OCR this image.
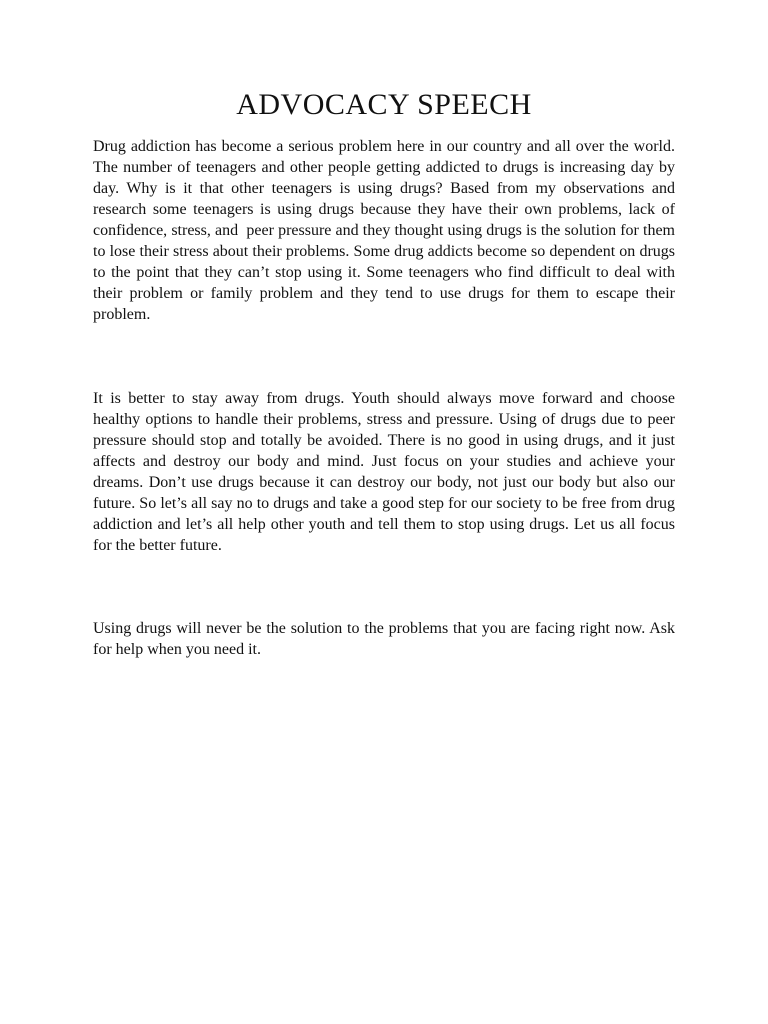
ADVOCACY SPEECH

Drug addiction has become a serious problem here in our country and all over the world. The number of teenagers and other people getting addicted to drugs is increasing day by day. Why is it that other teenagers is using drugs? Based from my observations and research some teenagers is using drugs because they have their own problems, lack of confidence, stress, and  peer pressure and they thought using drugs is the solution for them to lose their stress about their problems. Some drug addicts become so dependent on drugs to the point that they can’t stop using it. Some teenagers who find difficult to deal with their problem or family problem and they tend to use drugs for them to escape their problem.

It is better to stay away from drugs. Youth should always move forward and choose healthy options to handle their problems, stress and pressure. Using of drugs due to peer pressure should stop and totally be avoided. There is no good in using drugs, and it just affects and destroy our body and mind. Just focus on your studies and achieve your dreams. Don’t use drugs because it can destroy our body, not just our body but also our future. So let’s all say no to drugs and take a good step for our society to be free from drug addiction and let’s all help other youth and tell them to stop using drugs. Let us all focus for the better future.

Using drugs will never be the solution to the problems that you are facing right now. Ask for help when you need it.
